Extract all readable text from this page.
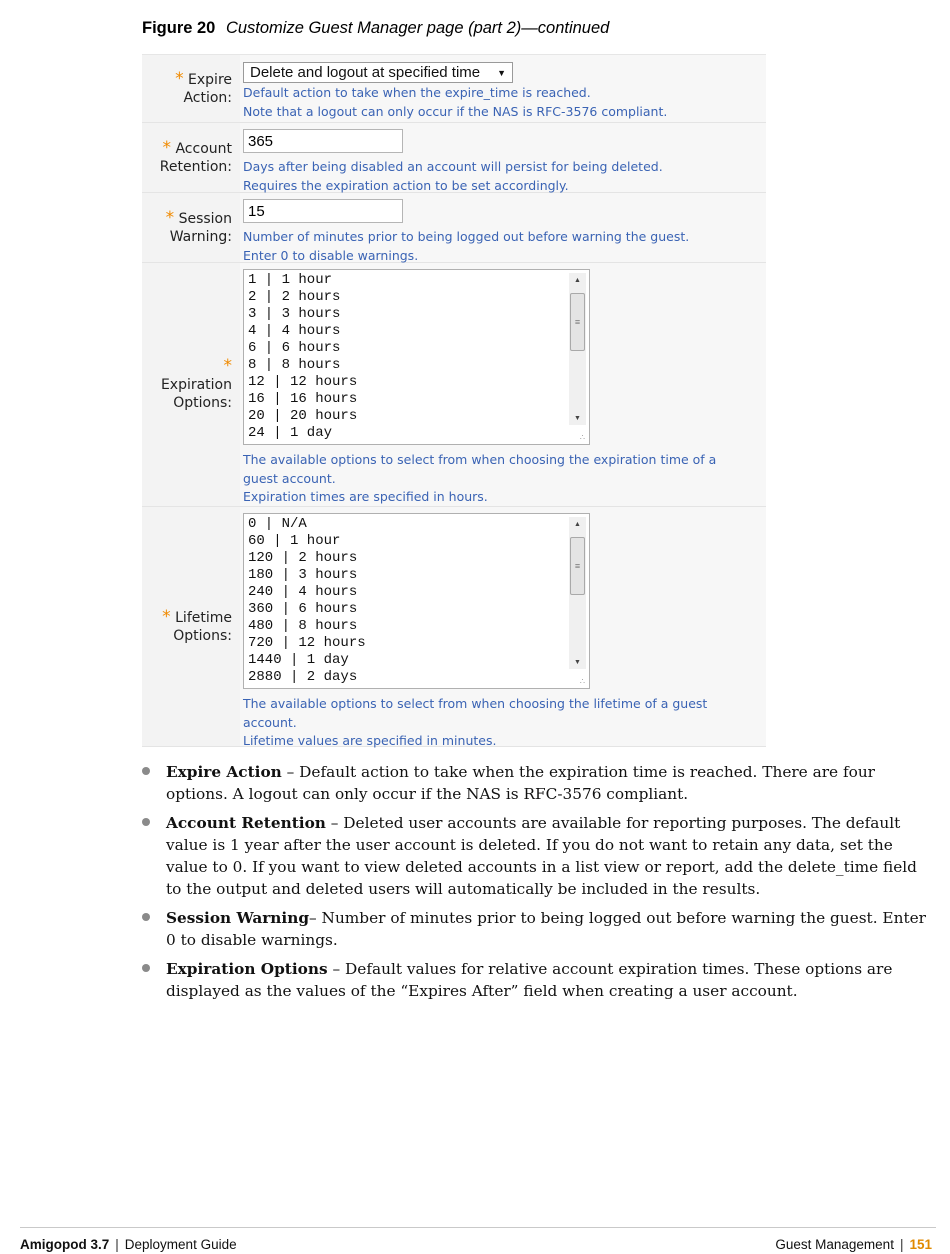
Figure 20 Customize Guest Manager page (part 2)—continued
* Expire
Action:
Delete and logout at specified time ▼
Default action to take when the expire_time is reached.
Note that a logout can only occur if the NAS is RFC-3576 compliant.
* Account
Retention:
365
Days after being disabled an account will persist for being deleted.
Requires the expiration action to be set accordingly.
* Session
Warning:
15
Number of minutes prior to being logged out before warning the guest.
Enter 0 to disable warnings.
*
Expiration
Options:
1 | 1 hour
2 | 2 hours
3 | 3 hours
4 | 4 hours
6 | 6 hours
8 | 8 hours
12 | 12 hours
16 | 16 hours
20 | 20 hours
24 | 1 day
▲
≡
▼
∴
The available options to select from when choosing the expiration time of a
guest account.
Expiration times are specified in hours.
* Lifetime
Options:
0 | N/A
60 | 1 hour
120 | 2 hours
180 | 3 hours
240 | 4 hours
360 | 6 hours
480 | 8 hours
720 | 12 hours
1440 | 1 day
2880 | 2 days
▲
≡
▼
∴
The available options to select from when choosing the lifetime of a guest
account.
Lifetime values are specified in minutes.
Expire Action – Default action to take when the expiration time is reached. There are four options. A logout can only occur if the NAS is RFC-3576 compliant.
Account Retention – Deleted user accounts are available for reporting purposes. The default value is 1 year after the user account is deleted. If you do not want to retain any data, set the value to 0. If you want to view deleted accounts in a list view or report, add the delete_time field to the output and deleted users will automatically be included in the results.
Session Warning– Number of minutes prior to being logged out before warning the guest. Enter 0 to disable warnings.
Expiration Options – Default values for relative account expiration times. These options are displayed as the values of the “Expires After” field when creating a user account.
Amigopod 3.7 | Deployment Guide	Guest Management | 151
